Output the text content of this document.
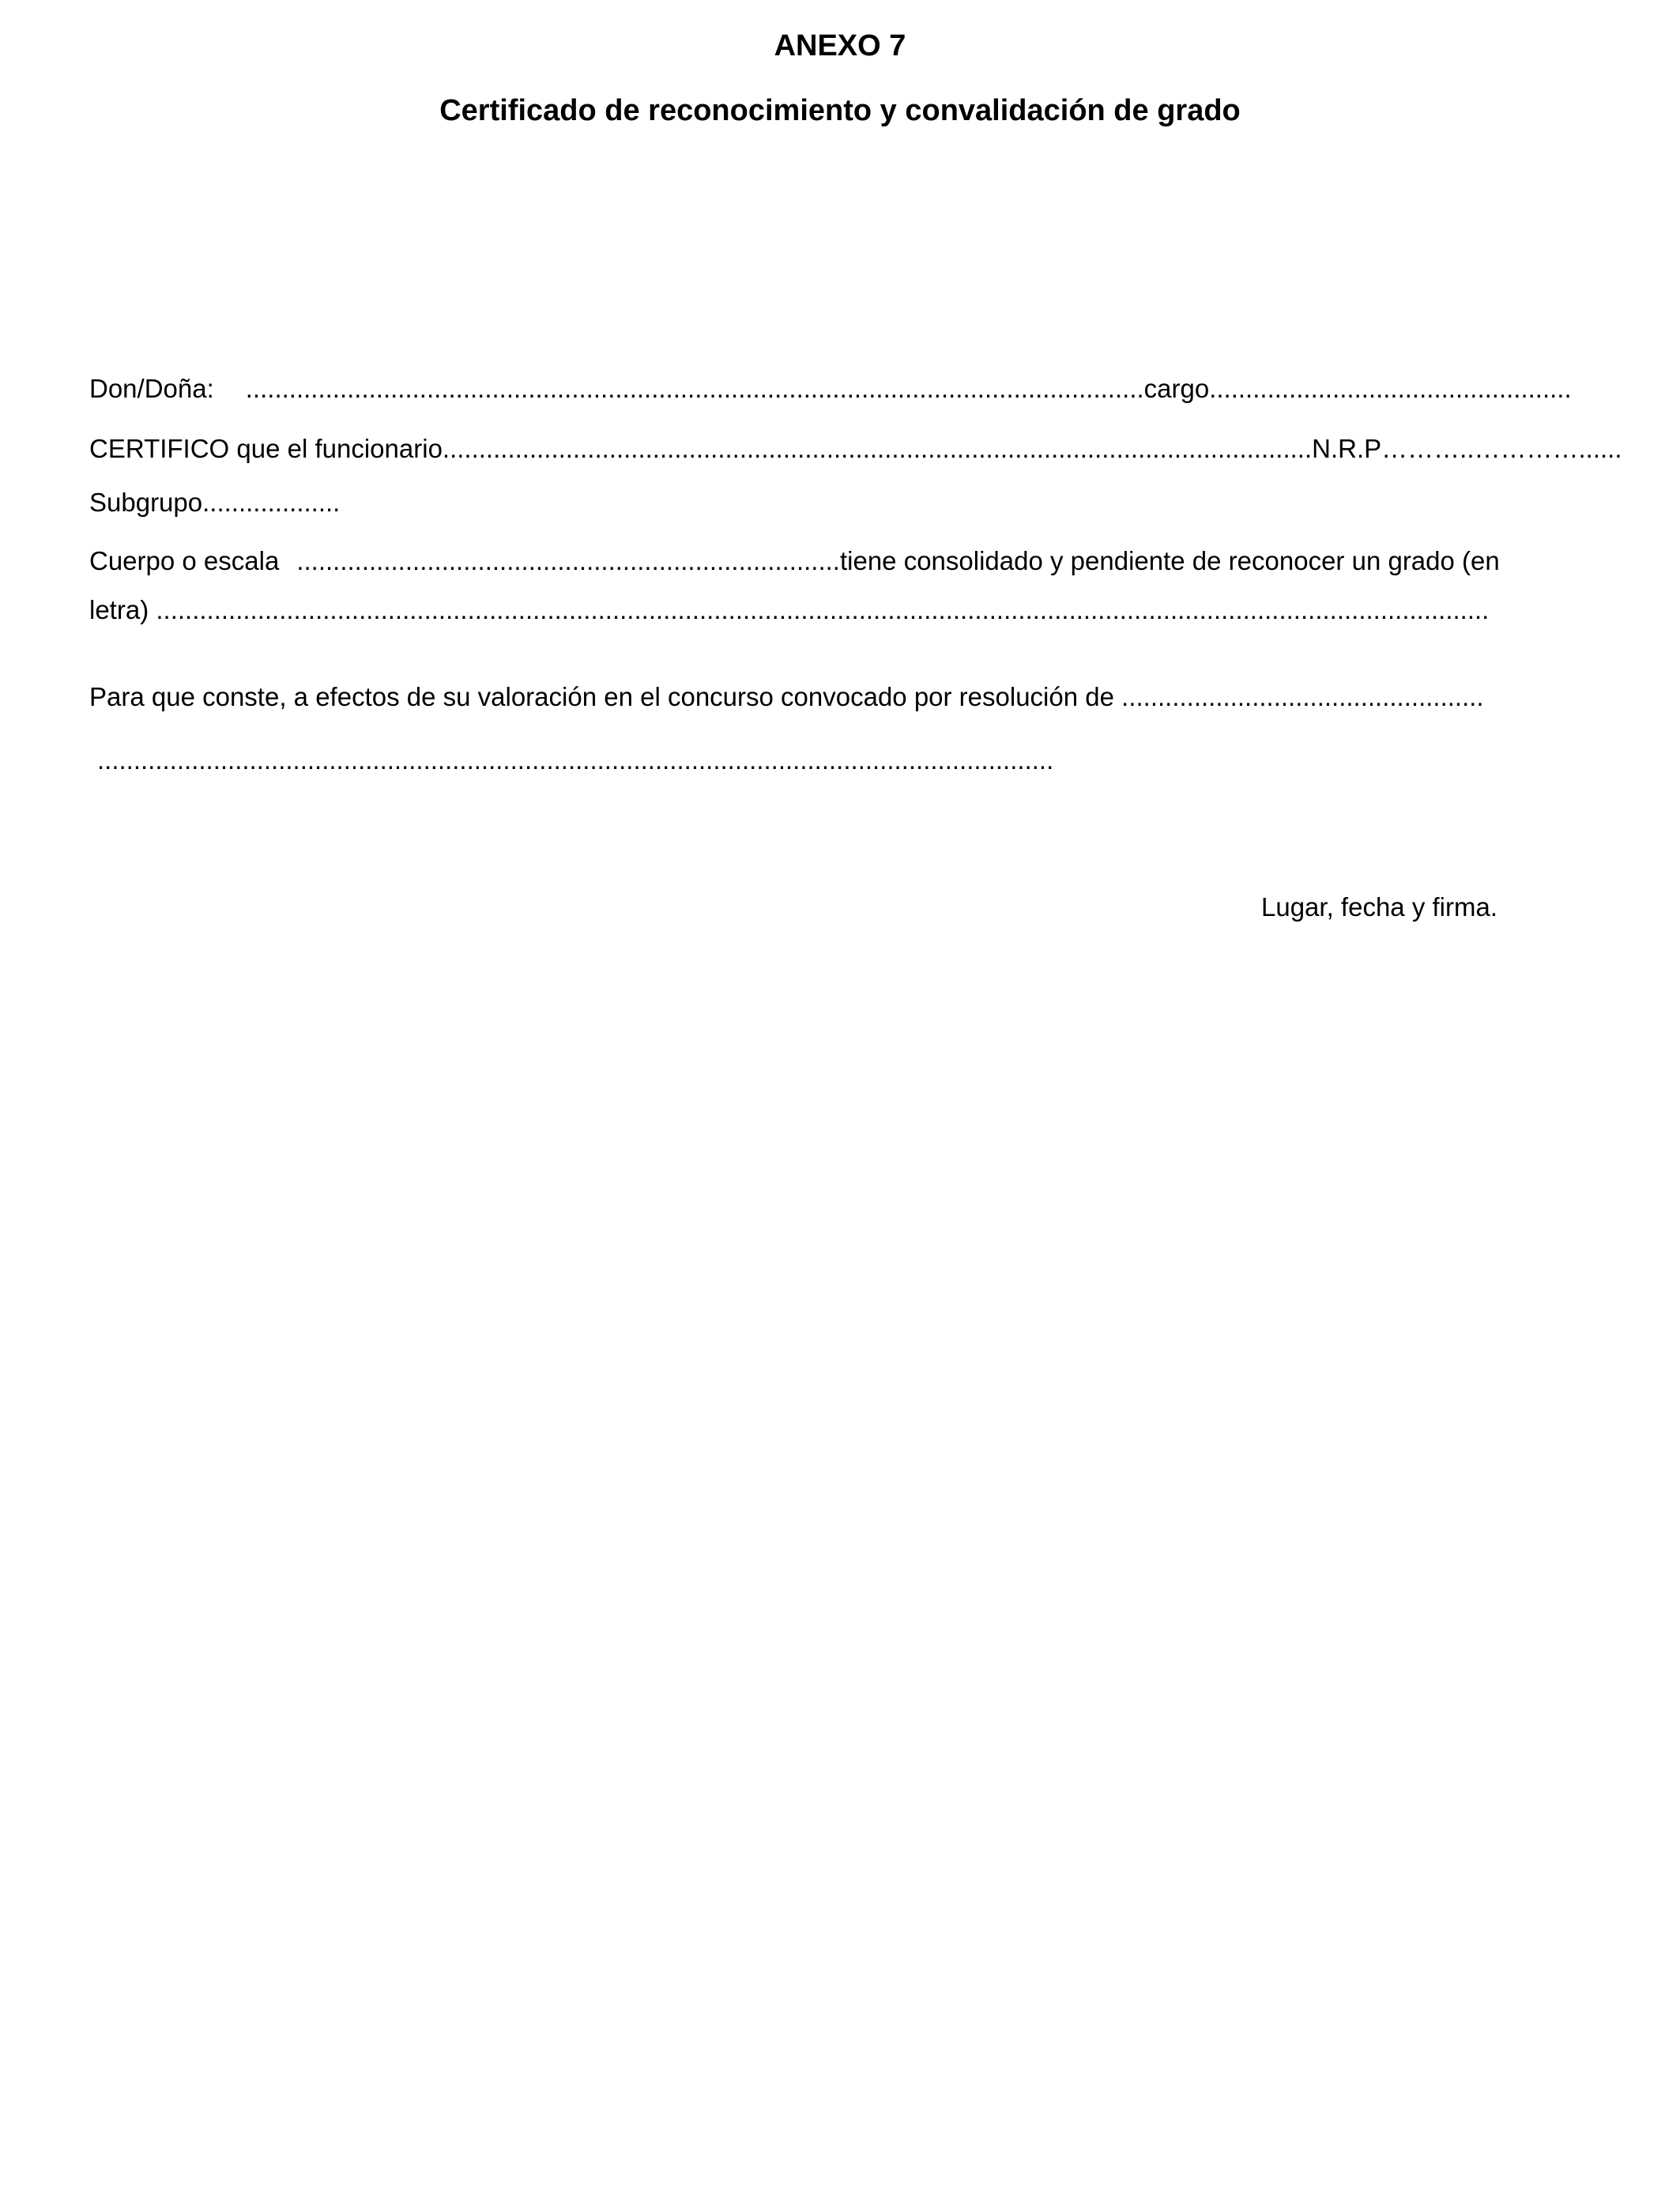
ANEXO 7
Certificado de reconocimiento y convalidación de grado
Don/Doña: ............................................................................................................................cargo..................................................
CERTIFICO que el funcionario........................................................................................................................N.R.P………..…………......
Subgrupo...................
Cuerpo o escala ...........................................................................tiene consolidado y pendiente de reconocer un grado (en
letra) ........................................................................................................................................................................................
Para que conste, a efectos de su valoración en el concurso convocado por resolución de ..................................................
....................................................................................................................................
Lugar, fecha y firma.
